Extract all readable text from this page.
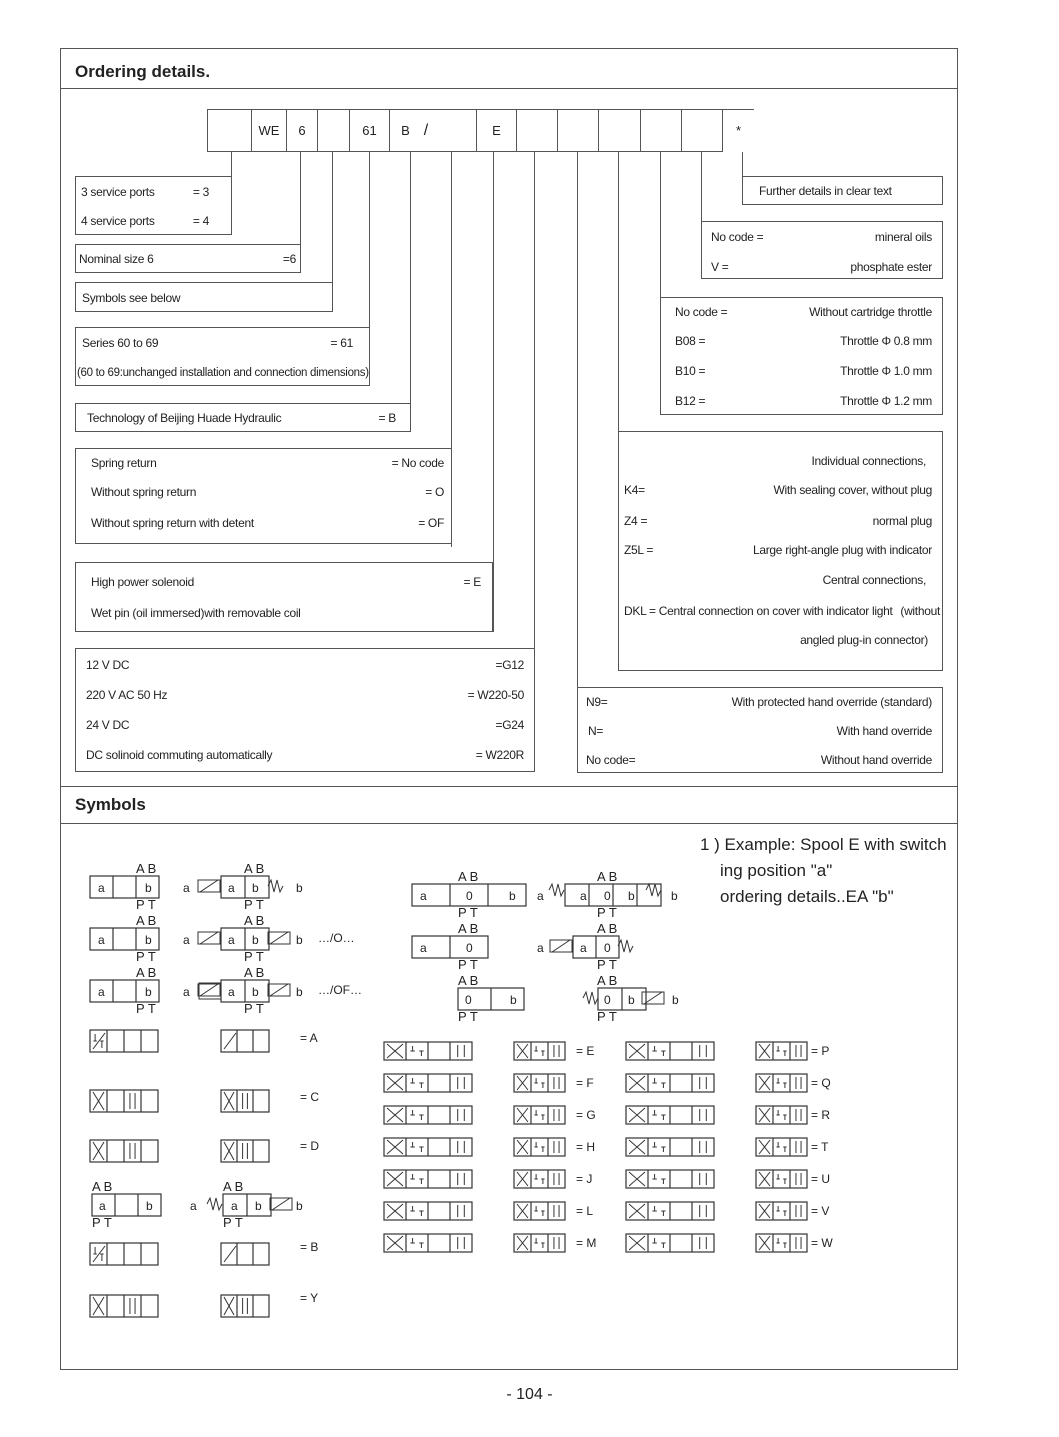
Ordering details.
WE	6	61	B /	E	*
3 service ports	= 3
4 service ports	= 4
Nominal size 6	=6
Symbols see below
Series 60 to 69	= 61
(60 to 69:unchanged installation and connection dimensions)
Technology of Beijing Huade Hydraulic	= B
Spring return	= No code
Without spring return	= O
Without spring return with detent	= OF
High power solenoid	= E
Wet pin (oil immersed)with removable coil
12 V DC	=G12
220 V AC 50 Hz	= W220-50
24 V DC	=G24
DC solinoid commuting automatically	= W220R
Further details in clear text
No code =	mineral oils
V =	phosphate ester
No code =	Without cartridge throttle
B08 =	Throttle Φ 0.8 mm
B10 =	Throttle Φ 1.0 mm
B12 =	Throttle Φ 1.2 mm
Individual connections,
K4=	With sealing cover, without plug
Z4 =	normal plug
Z5L =	Large right-angle plug with indicator
Central connections,
DKL = Central connection on cover with indicator light (without
angled plug-in connector)
N9=	With protected hand override (standard)
N=	With hand override
No code=	Without hand override
Symbols
1 ) Example: Spool E with switch
ing position "a"
ordering details..EA "b"
a	b
A B
P T
a	a b
A B
P T
b
a	b
A B
P T
a	a b
A B
P T
b …/O…
a	b
A B
P T
a	a b
A B
P T
b …/OF…
a	0	b
A B
P T
a	a 0 b
A B
P T
b
a	0
A B
P T
a	a 0
A B
P T
0	b
A B
P T
0 b
A B
P T
b
a	b
A B
P T
a	a b
A B
P T
b
= A
= C
= D
= B
= Y
= E	= P
= F	= Q
= G	= R
= H	= T
= J	= U
= L	= V
= M	= W
- 104 -
